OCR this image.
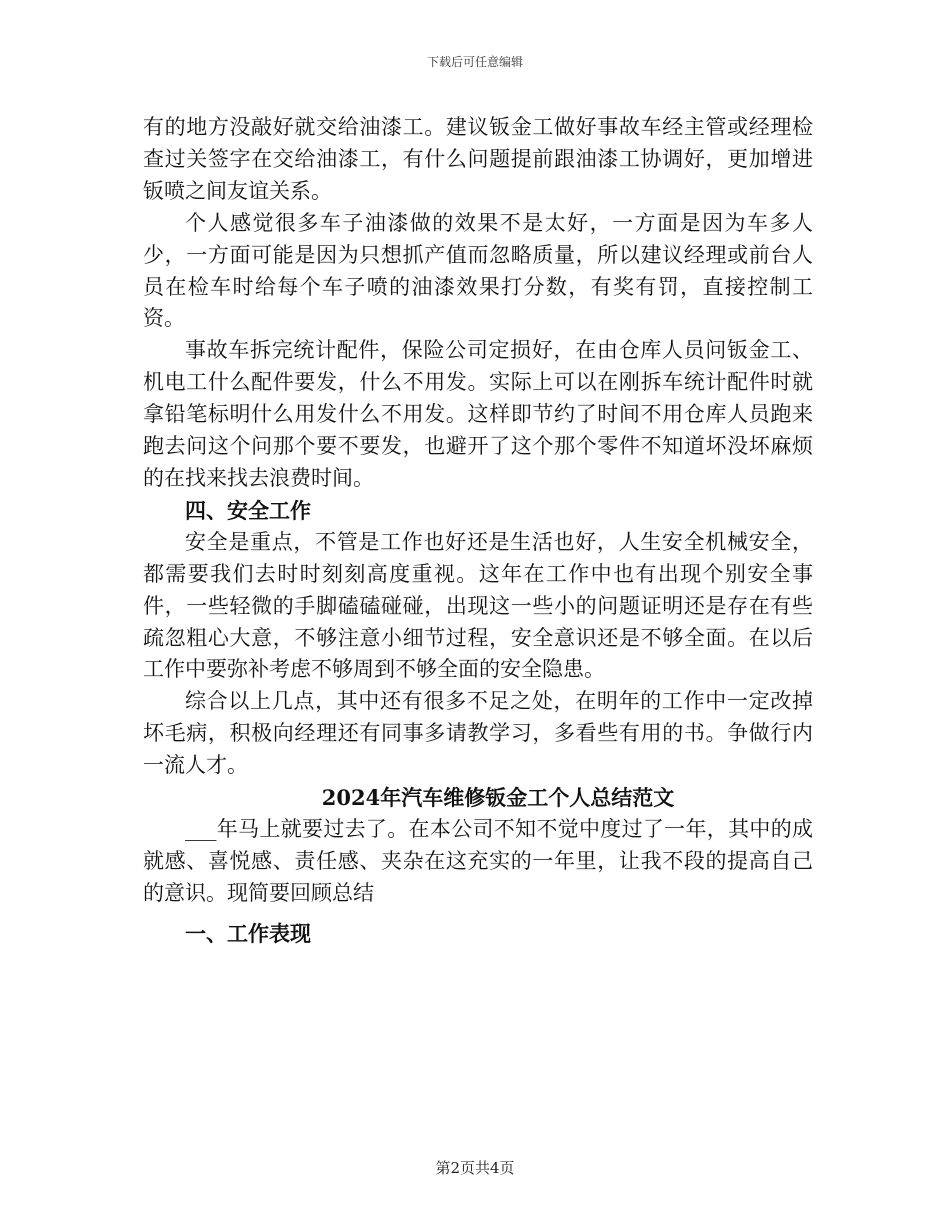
下载后可任意编辑

有的地方没敲好就交给油漆工。建议钣金工做好事故车经主管或经理检查过关签字在交给油漆工，有什么问题提前跟油漆工协调好，更加增进钣喷之间友谊关系。

个人感觉很多车子油漆做的效果不是太好，一方面是因为车多人少，一方面可能是因为只想抓产值而忽略质量，所以建议经理或前台人员在检车时给每个车子喷的油漆效果打分数，有奖有罚，直接控制工资。

事故车拆完统计配件，保险公司定损好，在由仓库人员问钣金工、机电工什么配件要发，什么不用发。实际上可以在刚拆车统计配件时就拿铅笔标明什么用发什么不用发。这样即节约了时间不用仓库人员跑来跑去问这个问那个要不要发，也避开了这个那个零件不知道坏没坏麻烦的在找来找去浪费时间。

四、安全工作

安全是重点，不管是工作也好还是生活也好，人生安全机械安全，都需要我们去时时刻刻高度重视。这年在工作中也有出现个别安全事件，一些轻微的手脚磕磕碰碰，出现这一些小的问题证明还是存在有些疏忽粗心大意，不够注意小细节过程，安全意识还是不够全面。在以后工作中要弥补考虑不够周到不够全面的安全隐患。

综合以上几点，其中还有很多不足之处，在明年的工作中一定改掉坏毛病，积极向经理还有同事多请教学习，多看些有用的书。争做行内一流人才。

2024年汽车维修钣金工个人总结范文

___年马上就要过去了。在本公司不知不觉中度过了一年，其中的成就感、喜悦感、责任感、夹杂在这充实的一年里，让我不段的提高自己的意识。现简要回顾总结

一、工作表现

第2页共4页
